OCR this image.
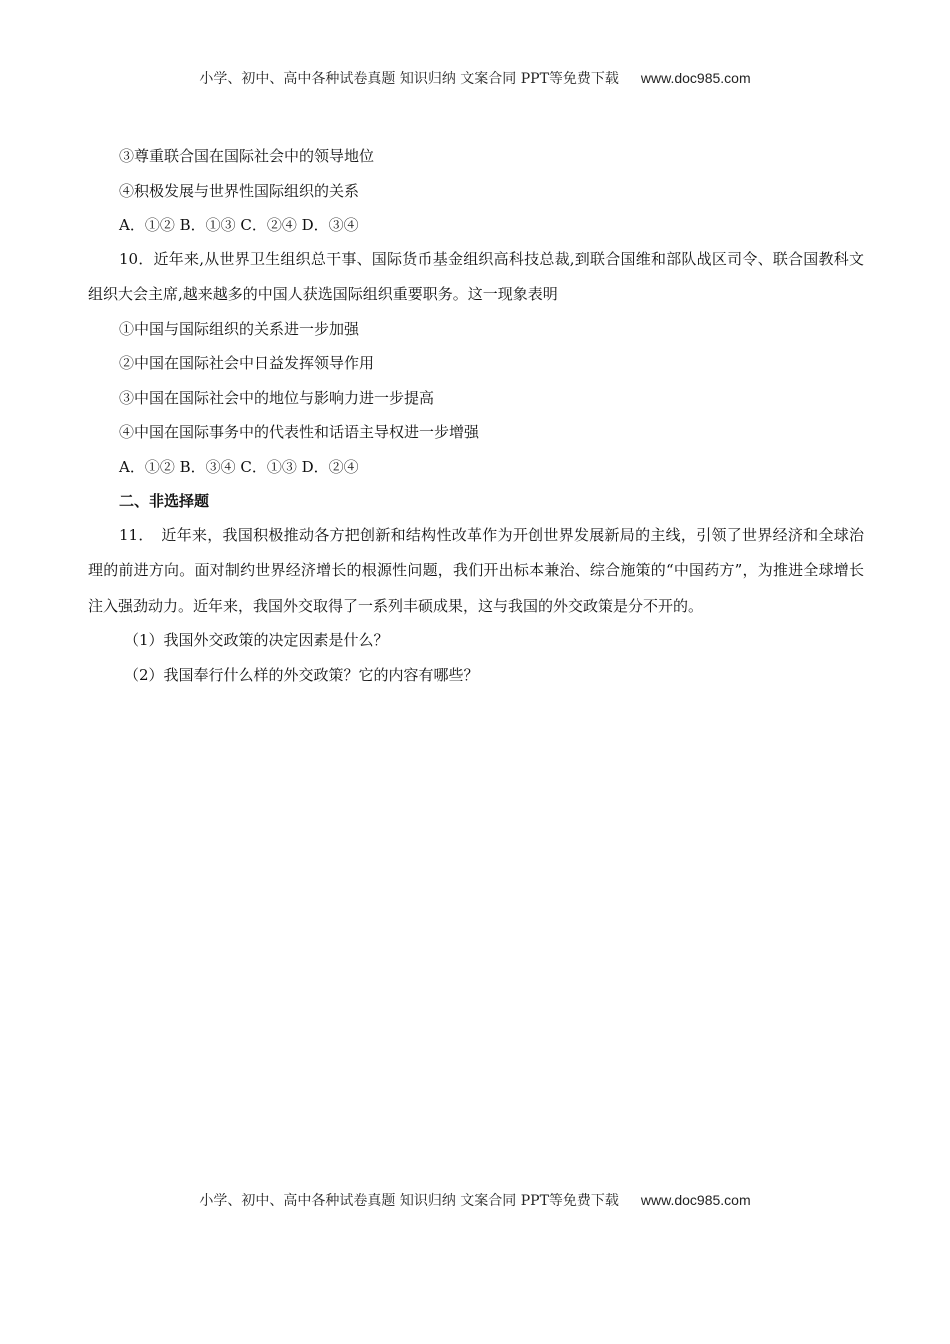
小学、初中、高中各种试卷真题 知识归纳 文案合同 PPT等免费下载 www.doc985.com
③尊重联合国在国际社会中的领导地位
④积极发展与世界性国际组织的关系
A．①② B．①③ C．②④ D．③④
10．近年来,从世界卫生组织总干事、国际货币基金组织高科技总裁,到联合国维和部队战区司令、联合国教科文组织大会主席,越来越多的中国人获选国际组织重要职务。这一现象表明
①中国与国际组织的关系进一步加强
②中国在国际社会中日益发挥领导作用
③中国在国际社会中的地位与影响力进一步提高
④中国在国际事务中的代表性和话语主导权进一步增强
A．①② B．③④ C．①③ D．②④
二、非选择题
11．　近年来，我国积极推动各方把创新和结构性改革作为开创世界发展新局的主线，引领了世界经济和全球治理的前进方向。面对制约世界经济增长的根源性问题，我们开出标本兼治、综合施策的“中国药方”，为推进全球增长注入强劲动力。近年来，我国外交取得了一系列丰硕成果，这与我国的外交政策是分不开的。
（1）我国外交政策的决定因素是什么？
（2）我国奉行什么样的外交政策？它的内容有哪些？
小学、初中、高中各种试卷真题 知识归纳 文案合同 PPT等免费下载 www.doc985.com
